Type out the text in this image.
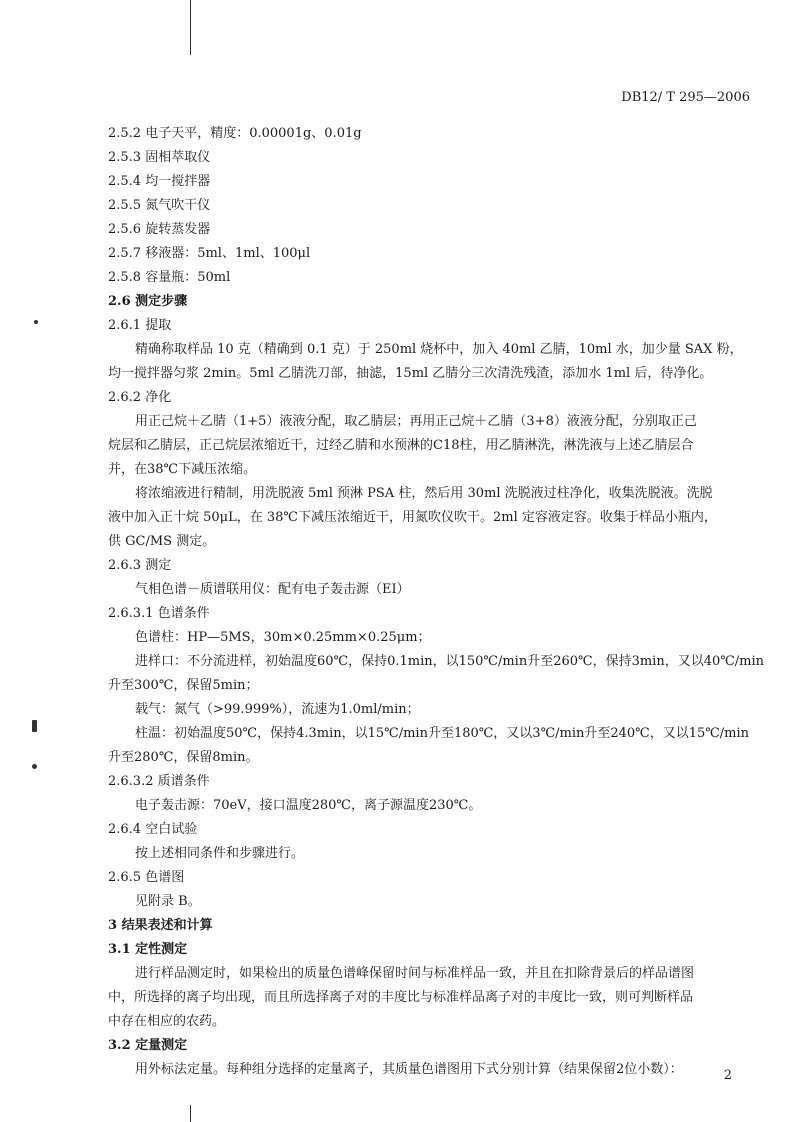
DB12/ T 295—2006
2.5.2 电子天平，精度：0.00001g、0.01g
2.5.3 固相萃取仪
2.5.4 均一搅拌器
2.5.5 氮气吹干仪
2.5.6 旋转蒸发器
2.5.7 移液器：5ml、1ml、100μl
2.5.8 容量瓶：50ml
2.6 测定步骤
2.6.1 提取
精确称取样品 10 克（精确到 0.1 克）于 250ml 烧杯中，加入 40ml 乙腈，10ml 水，加少量 SAX 粉，
均一搅拌器匀浆 2min。5ml 乙腈洗刀部，抽滤，15ml 乙腈分三次清洗残渣，添加水 1ml 后，待净化。
2.6.2 净化
用正己烷＋乙腈（1+5）液液分配，取乙腈层；再用正己烷＋乙腈（3+8）液液分配，分别取正己
烷层和乙腈层，正己烷层浓缩近干，过经乙腈和水预淋的C18柱，用乙腈淋洗，淋洗液与上述乙腈层合
并，在38℃下减压浓缩。
将浓缩液进行精制，用洗脱液 5ml 预淋 PSA 柱，然后用 30ml 洗脱液过柱净化，收集洗脱液。洗脱
液中加入正十烷 50μL，在 38℃下减压浓缩近干，用氮吹仪吹干。2ml 定容液定容。收集于样品小瓶内，
供 GC/MS 测定。
2.6.3 测定
气相色谱－质谱联用仪：配有电子轰击源（EI）
2.6.3.1 色谱条件
色谱柱：HP—5MS，30m×0.25mm×0.25μm；
进样口：不分流进样，初始温度60℃，保持0.1min，以150℃/min升至260℃，保持3min，又以40℃/min
升至300℃，保留5min；
载气：氮气（>99.999%），流速为1.0ml/min；
柱温：初始温度50℃，保持4.3min，以15℃/min升至180℃，又以3℃/min升至240℃，又以15℃/min
升至280℃，保留8min。
2.6.3.2 质谱条件
电子轰击源：70eV，接口温度280℃，离子源温度230℃。
2.6.4 空白试验
按上述相同条件和步骤进行。
2.6.5 色谱图
见附录 B。
3 结果表述和计算
3.1 定性测定
进行样品测定时，如果检出的质量色谱峰保留时间与标准样品一致，并且在扣除背景后的样品谱图
中，所选择的离子均出现，而且所选择离子对的丰度比与标准样品离子对的丰度比一致，则可判断样品
中存在相应的农药。
3.2 定量测定
用外标法定量。每种组分选择的定量离子，其质量色谱图用下式分别计算（结果保留2位小数）：	2
